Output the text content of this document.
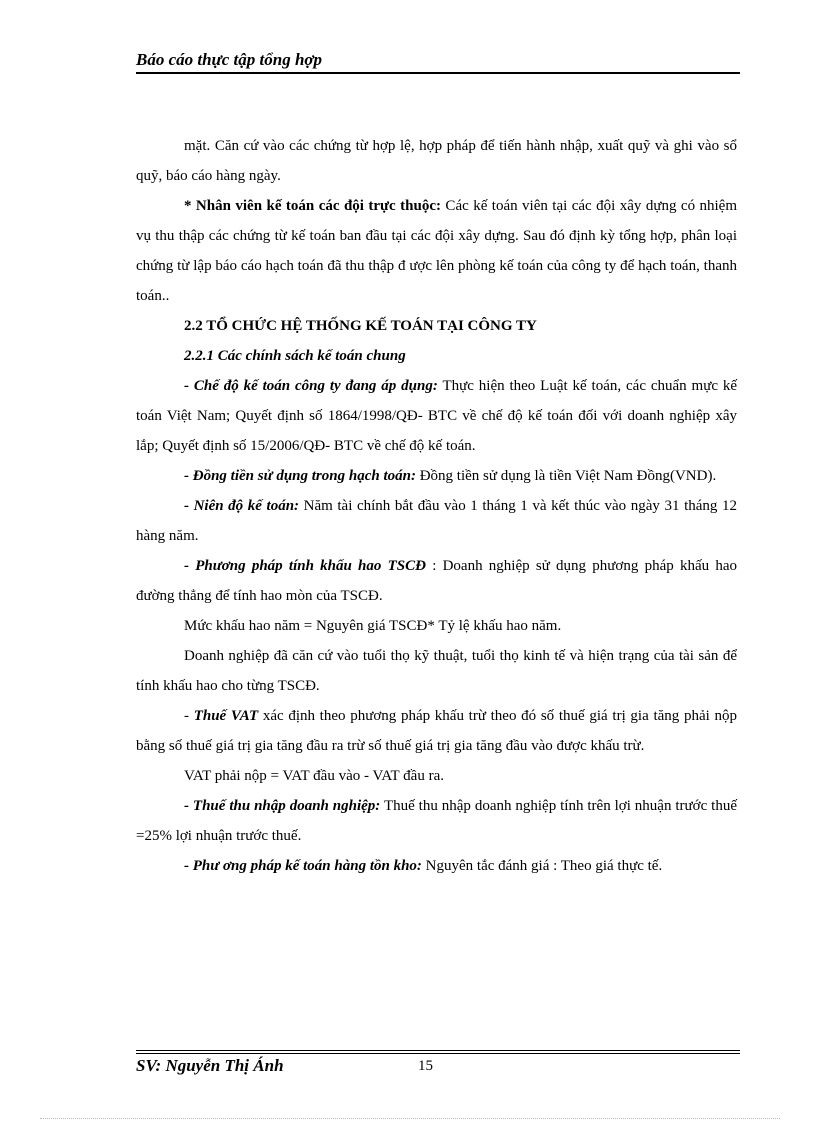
Báo cáo thực tập tổng hợp

mặt. Căn cứ vào các chứng từ hợp lệ, hợp pháp để tiến hành nhập, xuất quỹ và ghi vào sổ quỹ, báo cáo hàng ngày.

* Nhân viên kế toán các đội trực thuộc: Các kế toán viên tại các đội xây dựng có nhiệm vụ thu thập các chứng từ kế toán ban đầu tại các đội xây dựng. Sau đó định kỳ tổng hợp, phân loại chứng từ lập báo cáo hạch toán đã thu thập đ ược lên phòng kế toán của công ty để hạch toán, thanh toán..

2.2 TỔ CHỨC HỆ THỐNG KẾ TOÁN TẠI CÔNG TY

2.2.1 Các chính sách kế toán chung

- Chế độ kế toán công ty đang áp dụng: Thực hiện theo Luật kế toán, các chuẩn mực kế toán Việt Nam; Quyết định số 1864/1998/QĐ- BTC về chế độ kế toán đối với doanh nghiệp xây lắp; Quyết định số 15/2006/QĐ- BTC về chế độ kế toán.

- Đồng tiền sử dụng trong hạch toán: Đồng tiền sử dụng là tiền Việt Nam Đồng(VND).

- Niên độ kế toán: Năm tài chính bắt đầu vào 1 tháng 1 và kết thúc vào ngày 31 tháng 12 hàng năm.

- Phương pháp tính khấu hao TSCĐ : Doanh nghiệp sử dụng phương pháp khấu hao đường thẳng để tính hao mòn của TSCĐ.

Mức khấu hao năm = Nguyên giá TSCĐ* Tỷ lệ khấu hao năm.

Doanh nghiệp đã căn cứ vào tuổi thọ kỹ thuật, tuổi thọ kinh tế và hiện trạng của tài sản để tính khấu hao cho từng TSCĐ.

- Thuế VAT xác định theo phương pháp khấu trừ theo đó số thuế giá trị gia tăng phải nộp bằng số thuế giá trị gia tăng đầu ra trừ số thuế giá trị gia tăng đầu vào được khấu trừ.

VAT phải nộp = VAT đầu vào - VAT đầu ra.

- Thuế thu nhập doanh nghiệp: Thuế thu nhập doanh nghiệp tính trên lợi nhuận trước thuế =25% lợi nhuận trước thuế.

- Phư ơng pháp kế toán hàng tồn kho: Nguyên tắc đánh giá : Theo giá thực tế.

SV: Nguyễn Thị Ánh	15
